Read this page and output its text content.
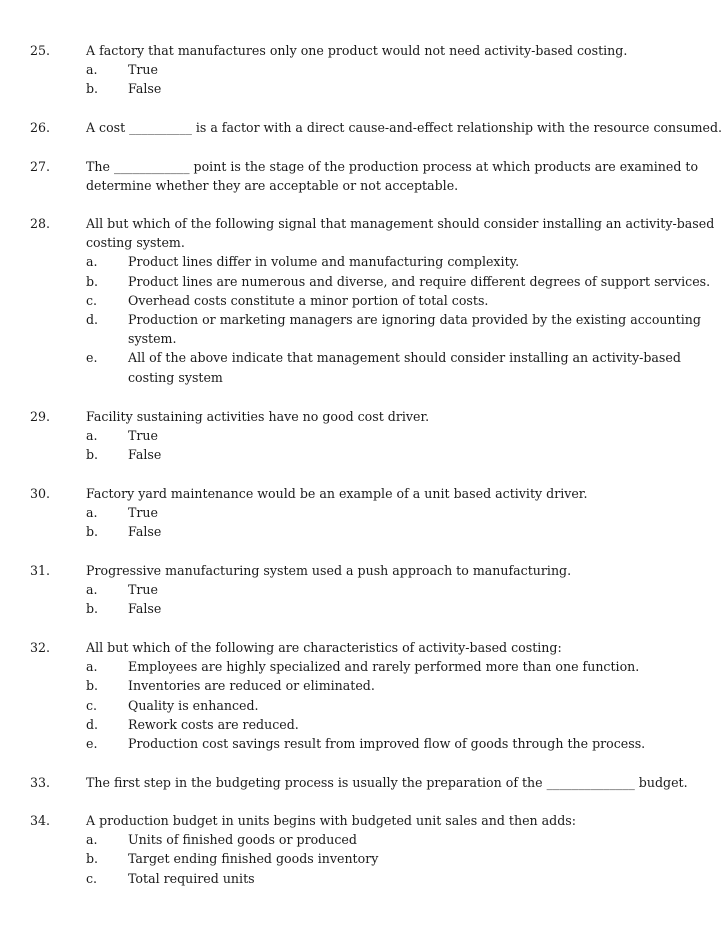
25.	A factory that manufactures only one product would not need activity-based costing.
a. True
b. False
26.	A cost __________ is a factor with a direct cause-and-effect relationship with the resource consumed.
27.	The ____________ point is the stage of the production process at which products are examined to
determine whether they are acceptable or not acceptable.
28.	All but which of the following signal that management should consider installing an activity-based
costing system.
a. Product lines differ in volume and manufacturing complexity.
b. Product lines are numerous and diverse, and require different degrees of support services.
c. Overhead costs constitute a minor portion of total costs.
d. Production or marketing managers are ignoring data provided by the existing accounting
system.
e. All of the above indicate that management should consider installing an activity-based
costing system
29.	Facility sustaining activities have no good cost driver.
a. True
b. False
30.	Factory yard maintenance would be an example of a unit based activity driver.
a. True
b. False
31.	Progressive manufacturing system used a push approach to manufacturing.
a. True
b. False
32.	All but which of the following are characteristics of activity-based costing:
a. Employees are highly specialized and rarely performed more than one function.
b. Inventories are reduced or eliminated.
c. Quality is enhanced.
d. Rework costs are reduced.
e. Production cost savings result from improved flow of goods through the process.
33.	The first step in the budgeting process is usually the preparation of the ______________ budget.
34.	A production budget in units begins with budgeted unit sales and then adds:
a. Units of finished goods or produced
b. Target ending finished goods inventory
c. Total required units
